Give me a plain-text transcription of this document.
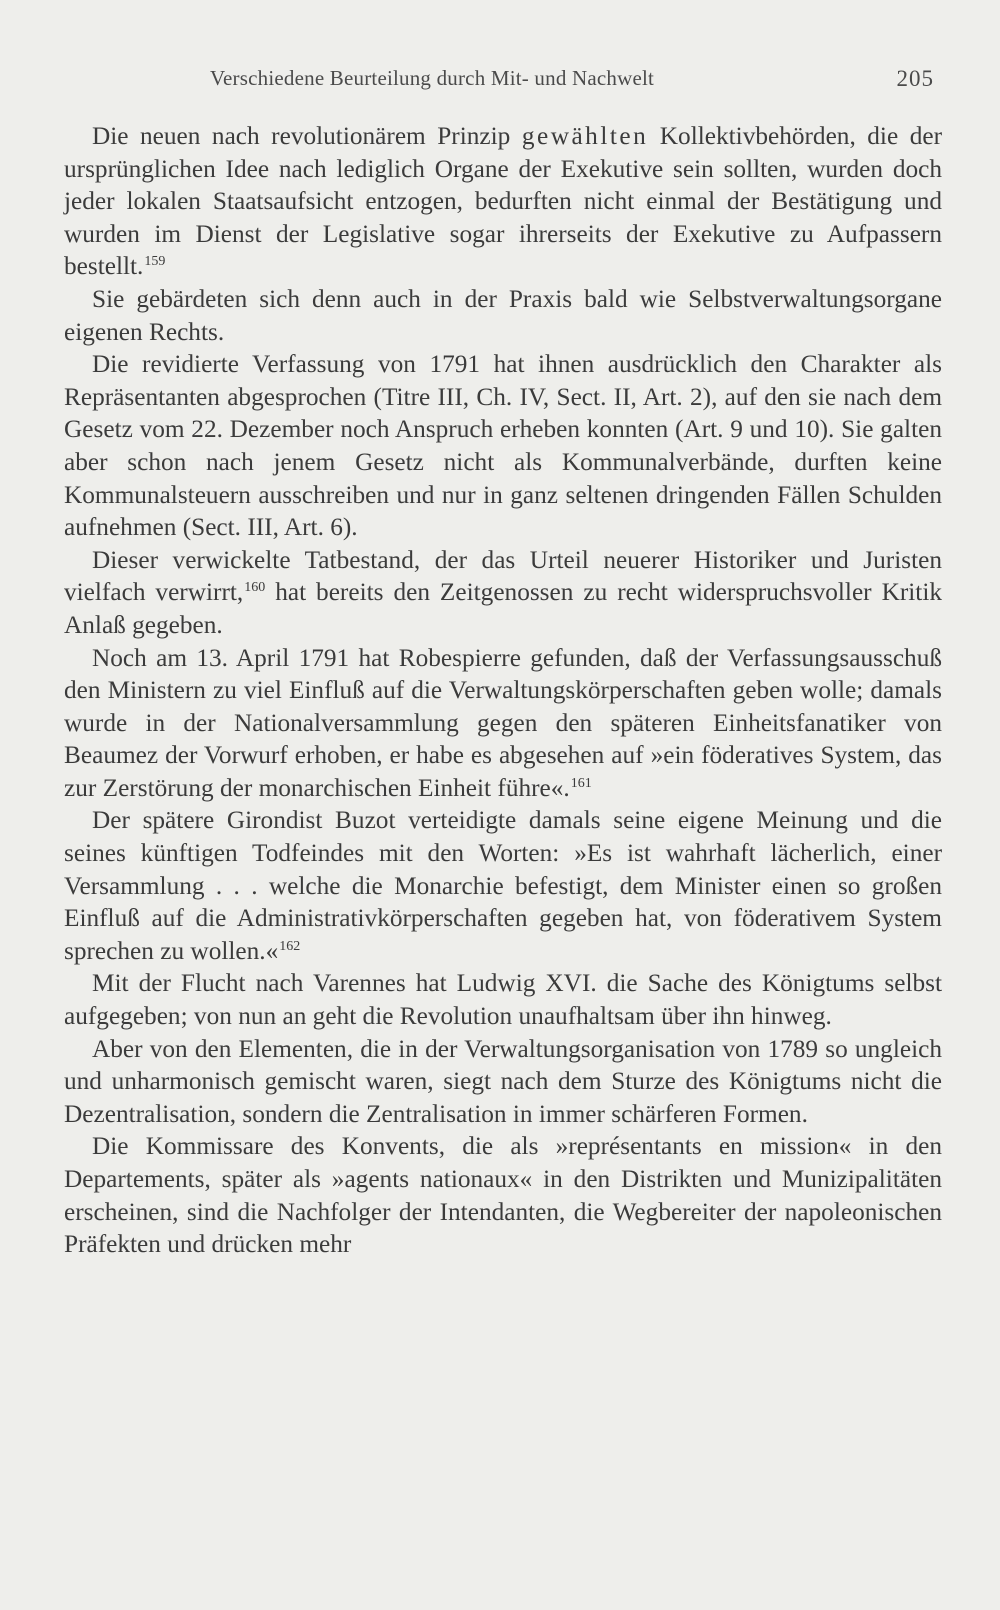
Verschiedene Beurteilung durch Mit- und Nachwelt	205

Die neuen nach revolutionärem Prinzip gewählten Kollektivbehörden, die der ursprünglichen Idee nach lediglich Organe der Exekutive sein sollten, wurden doch jeder lokalen Staatsaufsicht entzogen, bedurften nicht einmal der Bestätigung und wurden im Dienst der Legislative sogar ihrerseits der Exekutive zu Aufpassern bestellt.$^{159}$

Sie gebärdeten sich denn auch in der Praxis bald wie Selbstverwaltungsorgane eigenen Rechts.

Die revidierte Verfassung von 1791 hat ihnen ausdrücklich den Charakter als Repräsentanten abgesprochen (Titre III, Ch. IV, Sect. II, Art. 2), auf den sie nach dem Gesetz vom 22. Dezember noch Anspruch erheben konnten (Art. 9 und 10). Sie galten aber schon nach jenem Gesetz nicht als Kommunalverbände, durften keine Kommunalsteuern ausschreiben und nur in ganz seltenen dringenden Fällen Schulden aufnehmen (Sect. III, Art. 6).

Dieser verwickelte Tatbestand, der das Urteil neuerer Historiker und Juristen vielfach verwirrt,$^{160}$ hat bereits den Zeitgenossen zu recht widerspruchsvoller Kritik Anlaß gegeben.

Noch am 13. April 1791 hat Robespierre gefunden, daß der Verfassungsausschuß den Ministern zu viel Einfluß auf die Verwaltungskörperschaften geben wolle; damals wurde in der Nationalversammlung gegen den späteren Einheitsfanatiker von Beaumez der Vorwurf erhoben, er habe es abgesehen auf »ein föderatives System, das zur Zerstörung der monarchischen Einheit führe«.$^{161}$

Der spätere Girondist Buzot verteidigte damals seine eigene Meinung und die seines künftigen Todfeindes mit den Worten: »Es ist wahrhaft lächerlich, einer Versammlung . . . welche die Monarchie befestigt, dem Minister einen so großen Einfluß auf die Administrativkörperschaften gegeben hat, von föderativem System sprechen zu wollen.«$^{162}$

Mit der Flucht nach Varennes hat Ludwig XVI. die Sache des Königtums selbst aufgegeben; von nun an geht die Revolution unaufhaltsam über ihn hinweg.

Aber von den Elementen, die in der Verwaltungsorganisation von 1789 so ungleich und unharmonisch gemischt waren, siegt nach dem Sturze des Königtums nicht die Dezentralisation, sondern die Zentralisation in immer schärferen Formen.

Die Kommissare des Konvents, die als »représentants en mission« in den Departements, später als »agents nationaux« in den Distrikten und Munizipalitäten erscheinen, sind die Nachfolger der Intendanten, die Wegbereiter der napoleonischen Präfekten und drücken mehr
